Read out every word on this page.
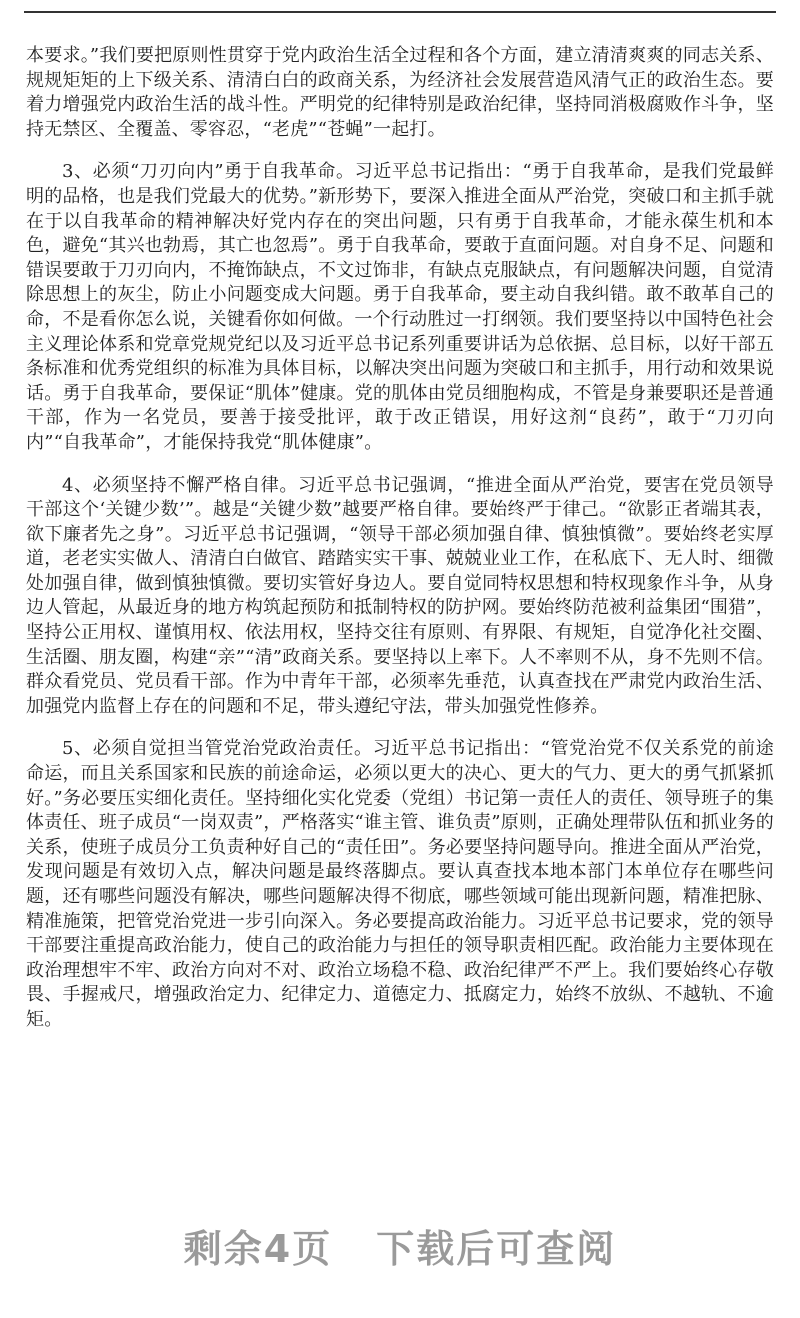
本要求。”我们要把原则性贯穿于党内政治生活全过程和各个方面，建立清清爽爽的同志关系、规规矩矩的上下级关系、清清白白的政商关系，为经济社会发展营造风清气正的政治生态。要着力增强党内政治生活的战斗性。严明党的纪律特别是政治纪律，坚持同消极腐败作斗争，坚持无禁区、全覆盖、零容忍，“老虎”“苍蝇”一起打。

3、必须“刀刃向内”勇于自我革命。习近平总书记指出：“勇于自我革命，是我们党最鲜明的品格，也是我们党最大的优势。”新形势下，要深入推进全面从严治党，突破口和主抓手就在于以自我革命的精神解决好党内存在的突出问题，只有勇于自我革命，才能永葆生机和本色，避免“其兴也勃焉，其亡也忽焉”。勇于自我革命，要敢于直面问题。对自身不足、问题和错误要敢于刀刃向内，不掩饰缺点，不文过饰非，有缺点克服缺点，有问题解决问题，自觉清除思想上的灰尘，防止小问题变成大问题。勇于自我革命，要主动自我纠错。敢不敢革自己的命，不是看你怎么说，关键看你如何做。一个行动胜过一打纲领。我们要坚持以中国特色社会主义理论体系和党章党规党纪以及习近平总书记系列重要讲话为总依据、总目标，以好干部五条标准和优秀党组织的标准为具体目标，以解决突出问题为突破口和主抓手，用行动和效果说话。勇于自我革命，要保证“肌体”健康。党的肌体由党员细胞构成，不管是身兼要职还是普通干部，作为一名党员，要善于接受批评，敢于改正错误，用好这剂“良药”，敢于“刀刃向内”“自我革命”，才能保持我党“肌体健康”。

4、必须坚持不懈严格自律。习近平总书记强调，“推进全面从严治党，要害在党员领导干部这个‘关键少数’”。越是“关键少数”越要严格自律。要始终严于律己。“欲影正者端其表，欲下廉者先之身”。习近平总书记强调，“领导干部必须加强自律、慎独慎微”。要始终老实厚道，老老实实做人、清清白白做官、踏踏实实干事、兢兢业业工作，在私底下、无人时、细微处加强自律，做到慎独慎微。要切实管好身边人。要自觉同特权思想和特权现象作斗争，从身边人管起，从最近身的地方构筑起预防和抵制特权的防护网。要始终防范被利益集团“围猎”，坚持公正用权、谨慎用权、依法用权，坚持交往有原则、有界限、有规矩，自觉净化社交圈、生活圈、朋友圈，构建“亲”“清”政商关系。要坚持以上率下。人不率则不从，身不先则不信。群众看党员、党员看干部。作为中青年干部，必须率先垂范，认真查找在严肃党内政治生活、加强党内监督上存在的问题和不足，带头遵纪守法，带头加强党性修养。

5、必须自觉担当管党治党政治责任。习近平总书记指出：“管党治党不仅关系党的前途命运，而且关系国家和民族的前途命运，必须以更大的决心、更大的气力、更大的勇气抓紧抓好。”务必要压实细化责任。坚持细化实化党委（党组）书记第一责任人的责任、领导班子的集体责任、班子成员“一岗双责”，严格落实“谁主管、谁负责”原则，正确处理带队伍和抓业务的关系，使班子成员分工负责种好自己的“责任田”。务必要坚持问题导向。推进全面从严治党，发现问题是有效切入点，解决问题是最终落脚点。要认真查找本地本部门本单位存在哪些问题，还有哪些问题没有解决，哪些问题解决得不彻底，哪些领域可能出现新问题，精准把脉、精准施策，把管党治党进一步引向深入。务必要提高政治能力。习近平总书记要求，党的领导干部要注重提高政治能力，使自己的政治能力与担任的领导职责相匹配。政治能力主要体现在政治理想牢不牢、政治方向对不对、政治立场稳不稳、政治纪律严不严上。我们要始终心存敬畏、手握戒尺，增强政治定力、纪律定力、道德定力、抵腐定力，始终不放纵、不越轨、不逾矩。

剩余4页 下载后可查阅
